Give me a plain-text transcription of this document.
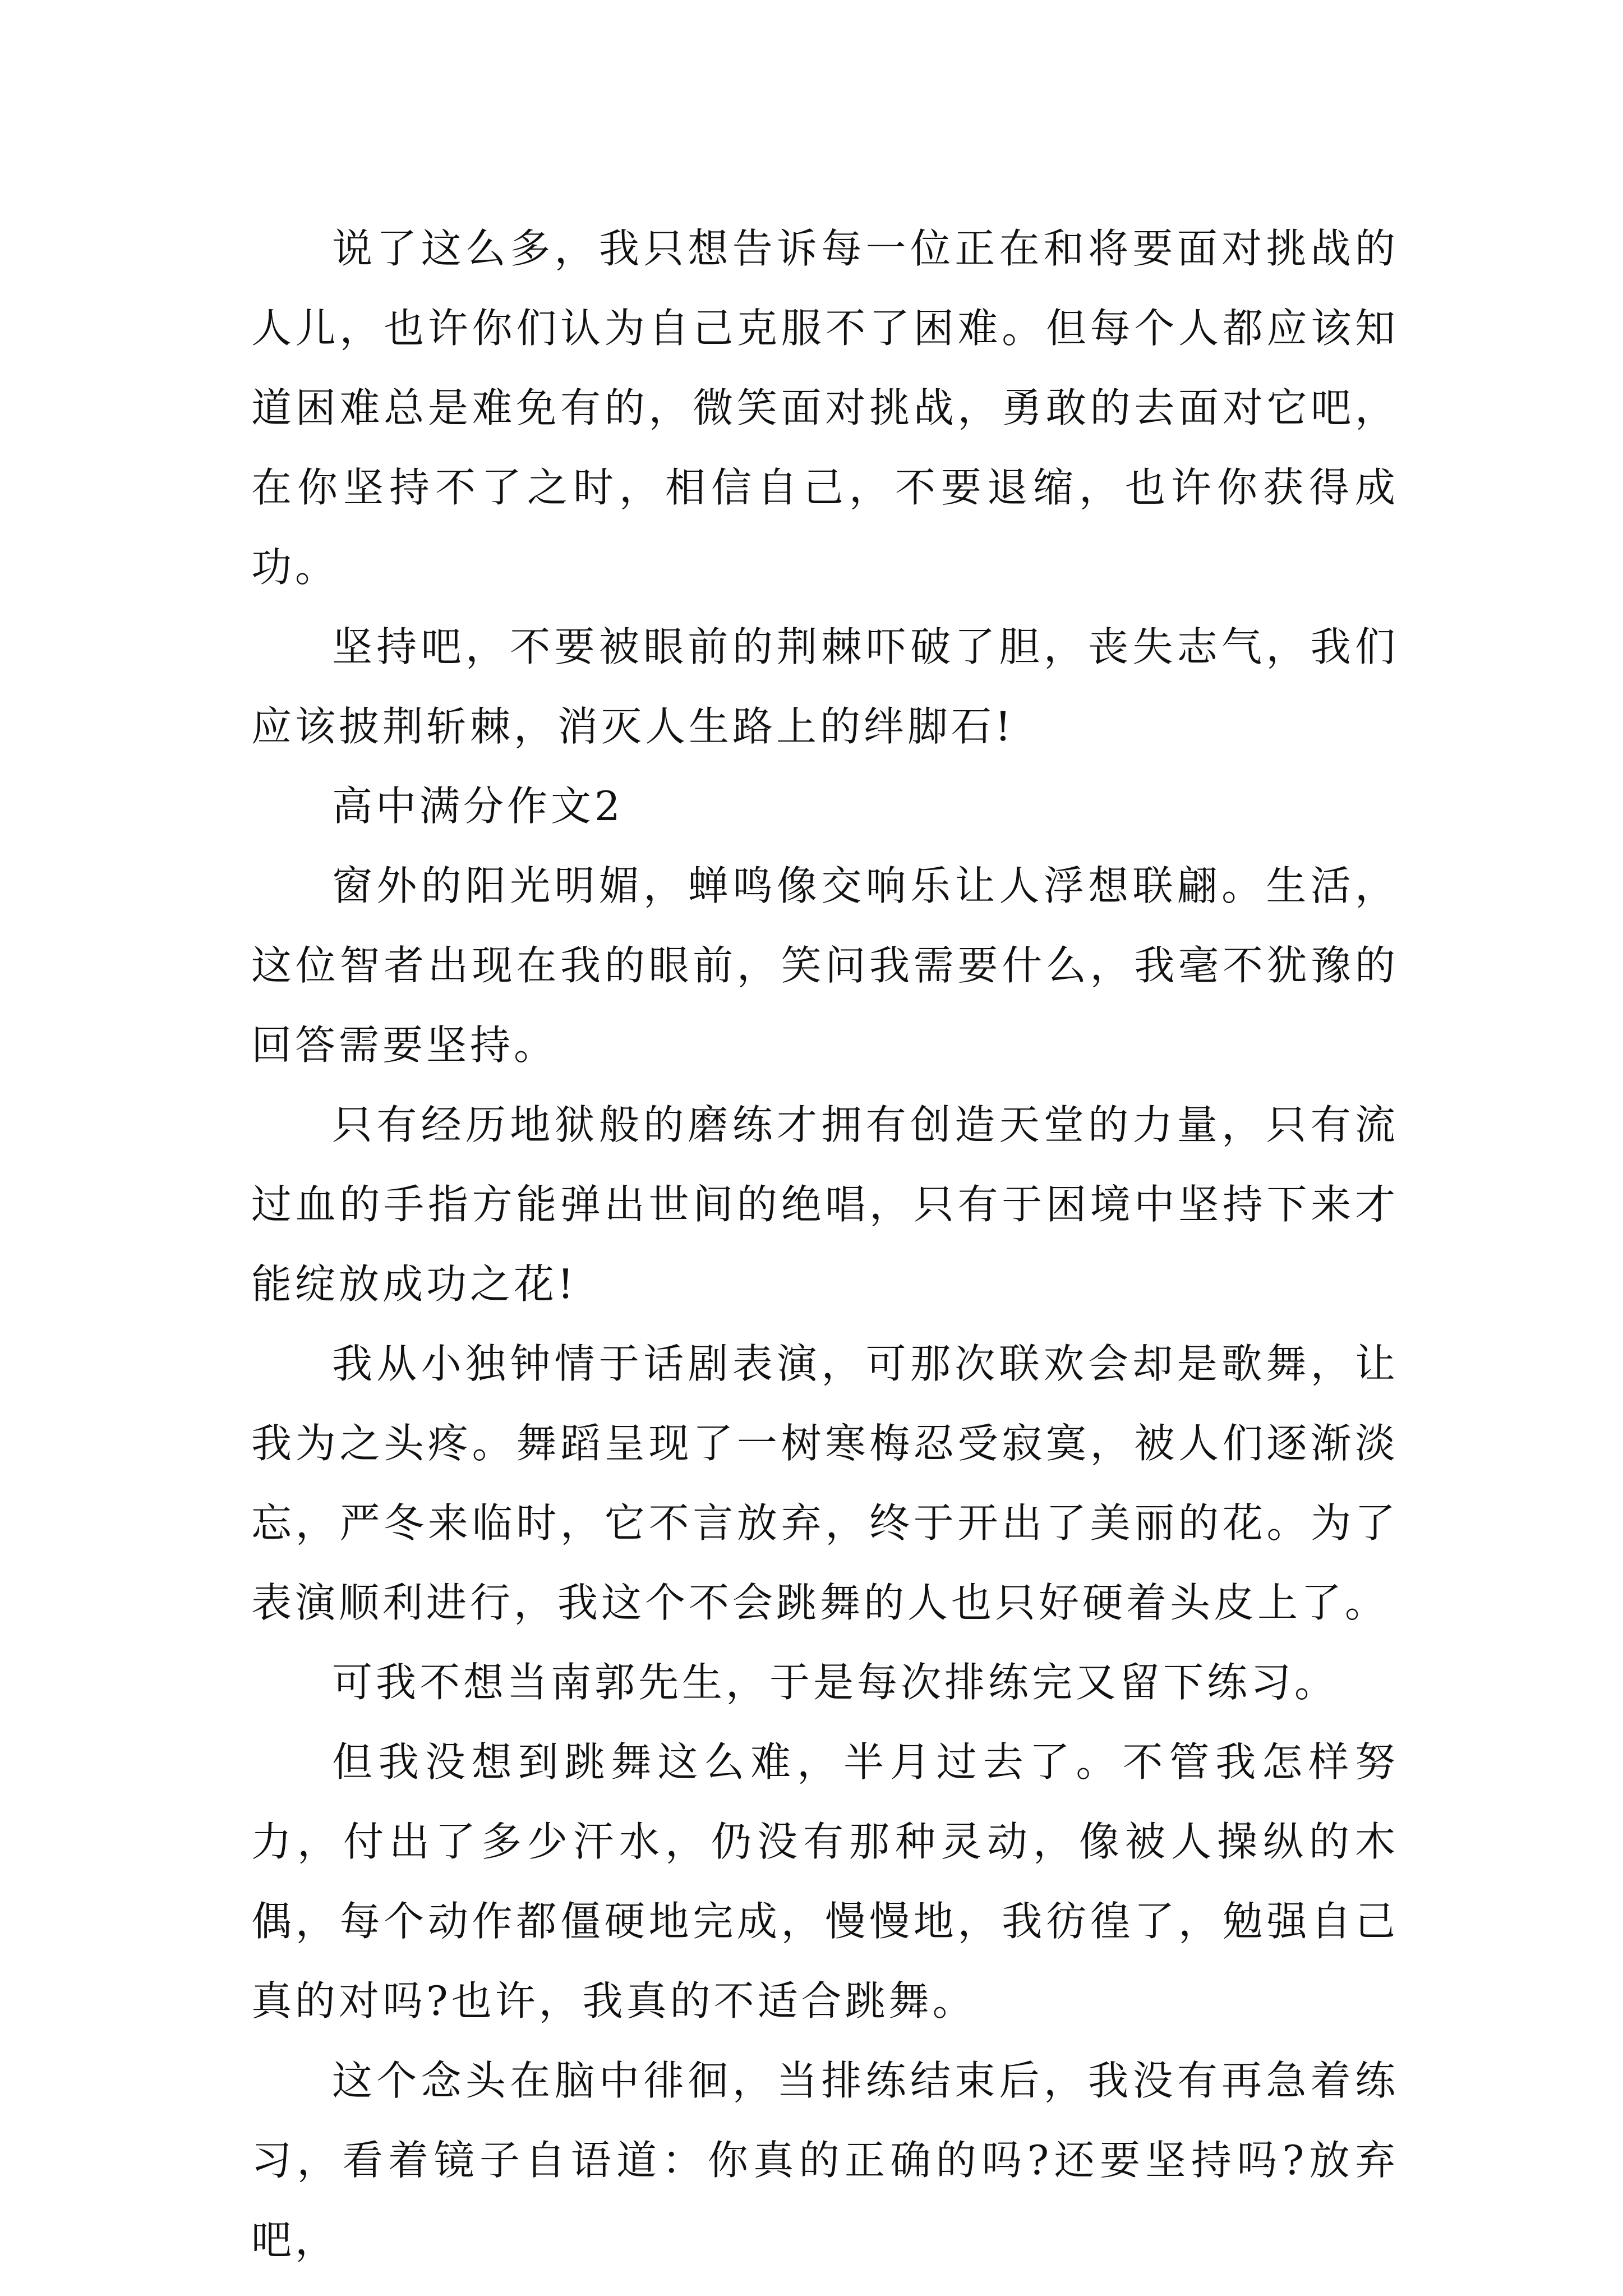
说了这么多，我只想告诉每一位正在和将要面对挑战的人儿，也许你们认为自己克服不了困难。但每个人都应该知道困难总是难免有的，微笑面对挑战，勇敢的去面对它吧，在你坚持不了之时，相信自己，不要退缩，也许你获得成功。

坚持吧，不要被眼前的荆棘吓破了胆，丧失志气，我们应该披荆斩棘，消灭人生路上的绊脚石!

高中满分作文2

窗外的阳光明媚，蝉鸣像交响乐让人浮想联翩。生活，这位智者出现在我的眼前，笑问我需要什么，我毫不犹豫的回答需要坚持。

只有经历地狱般的磨练才拥有创造天堂的力量，只有流过血的手指方能弹出世间的绝唱，只有于困境中坚持下来才能绽放成功之花!

我从小独钟情于话剧表演，可那次联欢会却是歌舞，让我为之头疼。舞蹈呈现了一树寒梅忍受寂寞，被人们逐渐淡忘，严冬来临时，它不言放弃，终于开出了美丽的花。为了表演顺利进行，我这个不会跳舞的人也只好硬着头皮上了。

可我不想当南郭先生，于是每次排练完又留下练习。

但我没想到跳舞这么难，半月过去了。不管我怎样努力，付出了多少汗水，仍没有那种灵动，像被人操纵的木偶，每个动作都僵硬地完成，慢慢地，我彷徨了，勉强自己真的对吗?也许，我真的不适合跳舞。

这个念头在脑中徘徊，当排练结束后，我没有再急着练习，看着镜子自语道：你真的正确的吗?还要坚持吗?放弃吧，
